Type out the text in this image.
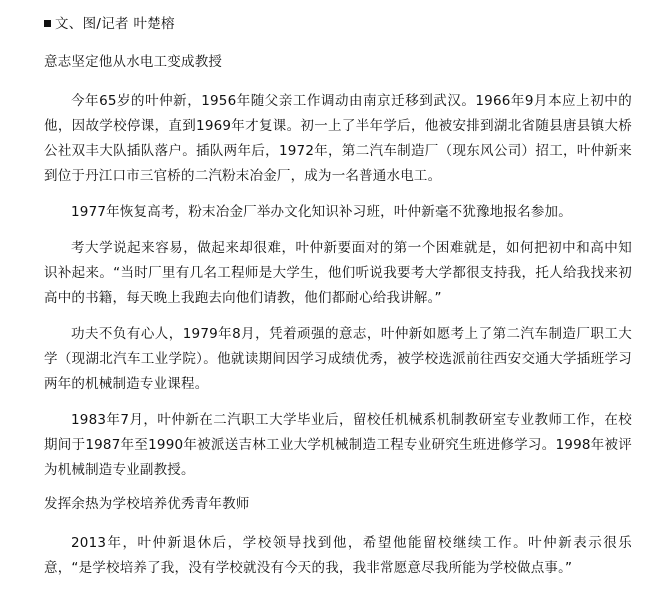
文、图/记者 叶楚榕
意志坚定他从水电工变成教授

今年65岁的叶仲新，1956年随父亲工作调动由南京迁移到武汉。1966年9月本应上初中的他，因故学校停课，直到1969年才复课。初一上了半年学后，他被安排到湖北省随县唐县镇大桥公社双丰大队插队落户。插队两年后，1972年，第二汽车制造厂（现东风公司）招工，叶仲新来到位于丹江口市三官桥的二汽粉末冶金厂，成为一名普通水电工。

1977年恢复高考，粉末冶金厂举办文化知识补习班，叶仲新毫不犹豫地报名参加。

考大学说起来容易，做起来却很难，叶仲新要面对的第一个困难就是，如何把初中和高中知识补起来。“当时厂里有几名工程师是大学生，他们听说我要考大学都很支持我，托人给我找来初高中的书籍，每天晚上我跑去向他们请教，他们都耐心给我讲解。”

功夫不负有心人，1979年8月，凭着顽强的意志，叶仲新如愿考上了第二汽车制造厂职工大学（现湖北汽车工业学院）。他就读期间因学习成绩优秀，被学校选派前往西安交通大学插班学习两年的机械制造专业课程。

1983年7月，叶仲新在二汽职工大学毕业后，留校任机械系机制教研室专业教师工作，在校期间于1987年至1990年被派送吉林工业大学机械制造工程专业研究生班进修学习。1998年被评为机械制造专业副教授。

发挥余热为学校培养优秀青年教师

2013年，叶仲新退休后，学校领导找到他，希望他能留校继续工作。叶仲新表示很乐意，“是学校培养了我，没有学校就没有今天的我，我非常愿意尽我所能为学校做点事。”
